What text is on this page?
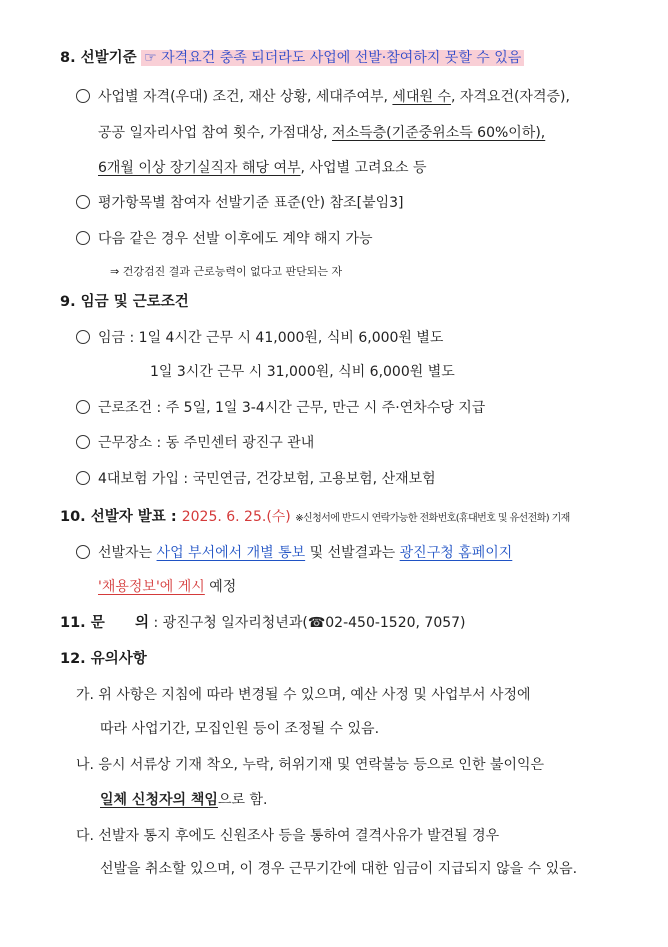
8. 선발기준 ☞ 자격요건 충족 되더라도 사업에 선발·참여하지 못할 수 있음
사업별 자격(우대) 조건, 재산 상황, 세대주여부, 세대원 수, 자격요건(자격증),
공공 일자리사업 참여 횟수, 가점대상, 저소득층(기준중위소득 60%이하),
6개월 이상 장기실직자 해당 여부, 사업별 고려요소 등
평가항목별 참여자 선발기준 표준(안) 참조[붙임3]
다음 같은 경우 선발 이후에도 계약 해지 가능
⇒ 건강검진 결과 근로능력이 없다고 판단되는 자
9. 임금 및 근로조건
임금 : 1일 4시간 근무 시 41,000원, 식비 6,000원 별도
1일 3시간 근무 시 31,000원, 식비 6,000원 별도
근로조건 : 주 5일, 1일 3-4시간 근무, 만근 시 주·연차수당 지급
근무장소 : 동 주민센터 광진구 관내
4대보험 가입 : 국민연금, 건강보험, 고용보험, 산재보험
10. 선발자 발표 : 2025. 6. 25.(수) ※신청서에 반드시 연락가능한 전화번호(휴대번호 및 유선전화) 기재
선발자는 사업 부서에서 개별 통보 및 선발결과는 광진구청 홈페이지
'채용정보'에 게시 예정
11. 문      의 : 광진구청 일자리청년과(☎02-450-1520, 7057)
12. 유의사항
가. 위 사항은 지침에 따라 변경될 수 있으며, 예산 사정 및 사업부서 사정에
따라 사업기간, 모집인원 등이 조정될 수 있음.
나. 응시 서류상 기재 착오, 누락, 허위기재 및 연락불능 등으로 인한 불이익은
일체 신청자의 책임으로 함.
다. 선발자 통지 후에도 신원조사 등을 통하여 결격사유가 발견될 경우
선발을 취소할 있으며, 이 경우 근무기간에 대한 임금이 지급되지 않을 수 있음.
